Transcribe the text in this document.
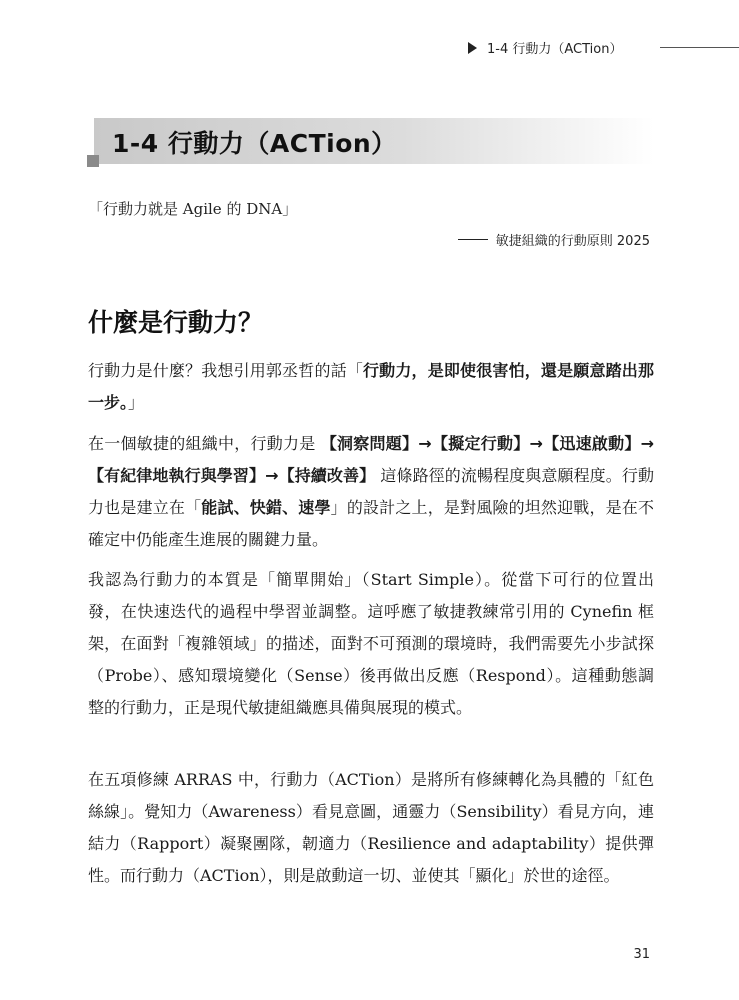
1-4 行動力（ACTion）
1-4 行動力（ACTion）
「行動力就是 Agile 的 DNA」
敏捷組織的行動原則 2025
什麼是行動力？

行動力是什麼？我想引用郭丞哲的話「行動力，是即使很害怕，還是願意踏出那一步。」

在一個敏捷的組織中，行動力是 【洞察問題】→【擬定行動】→【迅速啟動】→【有紀律地執行與學習】→【持續改善】 這條路徑的流暢程度與意願程度。行動力也是建立在「能試、快錯、速學」的設計之上，是對風險的坦然迎戰，是在不確定中仍能產生進展的關鍵力量。

我認為行動力的本質是「簡單開始」（Start Simple）。從當下可行的位置出發，在快速迭代的過程中學習並調整。這呼應了敏捷教練常引用的 Cynefin 框架，在面對「複雜領域」的描述，面對不可預測的環境時，我們需要先小步試探（Probe）、感知環境變化（Sense）後再做出反應（Respond）。這種動態調整的行動力，正是現代敏捷組織應具備與展現的模式。

在五項修練 ARRAS 中，行動力（ACTion）是將所有修練轉化為具體的「紅色絲線」。覺知力（Awareness）看見意圖，通靈力（Sensibility）看見方向，連結力（Rapport）凝聚團隊，韌適力（Resilience and adaptability）提供彈性。而行動力（ACTion），則是啟動這一切、並使其「顯化」於世的途徑。

31
